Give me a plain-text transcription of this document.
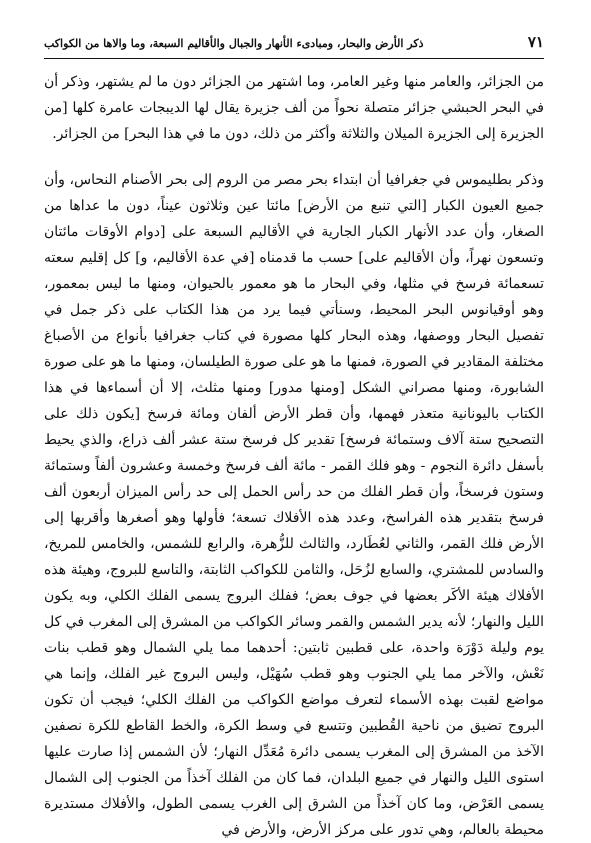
٧١
ذكر الأرض والبحار، ومبادىء الأنهار والجبال والأقاليم السبعة، وما والاها من الكواكب

من الجزائر، والعامر منها وغير العامر، وما اشتهر من الجزائر دون ما لم يشتهر، وذكر أن في البحر الحبشي جزائر متصلة نحواً من ألف جزيرة يقال لها الديبجات عامرة كلها [من الجزيرة إلى الجزيرة الميلان والثلاثة وأكثر من ذلك، دون ما في هذا البحر] من الجزائر.

وذكر بطليموس في جغرافيا أن ابتداء بحر مصر من الروم إلى بحر الأصنام النحاس، وأن جميع العيون الكبار [التي تنبع من الأرض] مائتا عين وثلاثون عيناً، دون ما عداها من الصغار، وأن عدد الأنهار الكبار الجارية في الأقاليم السبعة على [دوام الأوقات مائتان وتسعون نهراً، وأن الأقاليم على] حسب ما قدمناه [في عدة الأقاليم، و] كل إقليم سعته تسعمائة فرسخ في مثلها، وفي البحار ما هو معمور بالحيوان، ومنها ما ليس بمعمور، وهو أوقيانوس البحر المحيط، وسنأتي فيما يرد من هذا الكتاب على ذكر جمل في تفصيل البحار ووصفها، وهذه البحار كلها مصورة في كتاب جغرافيا بأنواع من الأصباغ مختلفة المقادير في الصورة، فمنها ما هو على صورة الطيلسان، ومنها ما هو على صورة الشابورة، ومنها مصراني الشكل [ومنها مدور] ومنها مثلث، إلا أن أسماءها في هذا الكتاب باليونانية متعذر فهمها، وأن قطر الأرض ألفان ومائة فرسخ [يكون ذلك على التصحيح ستة آلاف وستمائة فرسخ] تقدير كل فرسخ ستة عشر ألف ذراع، والذي يحيط بأسفل دائرة النجوم - وهو فلك القمر - مائة ألف فرسخ وخمسة وعشرون ألفاً وستمائة وستون فرسخاً، وأن قطر الفلك من حد رأس الحمل إلى حد رأس الميزان أربعون ألف فرسخ بتقدير هذه الفراسخ، وعدد هذه الأفلاك تسعة؛ فأولها وهو أصغرها وأقربها إلى الأرض فلك القمر، والثاني لعُطَارد، والثالث للزُّهرة، والرابع للشمس، والخامس للمريخ، والسادس للمشتري، والسابع لزُحَل، والثامن للكواكب الثابتة، والتاسع للبروج، وهيئة هذه الأفلاك هيئة الأكَر بعضها في جوف بعض؛ ففلك البروج يسمى الفلك الكلي، وبه يكون الليل والنهار؛ لأنه يدير الشمس والقمر وسائر الكواكب من المشرق إلى المغرب في كل يوم وليلة دَوْرَة واحدة، على قطبين ثابتين: أحدهما مما يلي الشمال وهو قطب بنات نَعْش، والآخر مما يلي الجنوب وهو قطب سُهَيْل، وليس البروج غير الفلك، وإنما هي مواضع لقبت بهذه الأسماء لتعرف مواضع الكواكب من الفلك الكلي؛ فيجب أن تكون البروج تضيق من ناحية القُطبين وتتسع في وسط الكرة، والخط القاطع للكرة نصفين الآخذ من المشرق إلى المغرب يسمى دائرة مُعَدِّل النهار؛ لأن الشمس إذا صارت عليها استوى الليل والنهار في جميع البلدان، فما كان من الفلك آخذاً من الجنوب إلى الشمال يسمى العَرْض، وما كان آخذاً من الشرق إلى الغرب يسمى الطول، والأفلاك مستديرة محيطة بالعالم، وهي تدور على مركز الأرض، والأرض في
